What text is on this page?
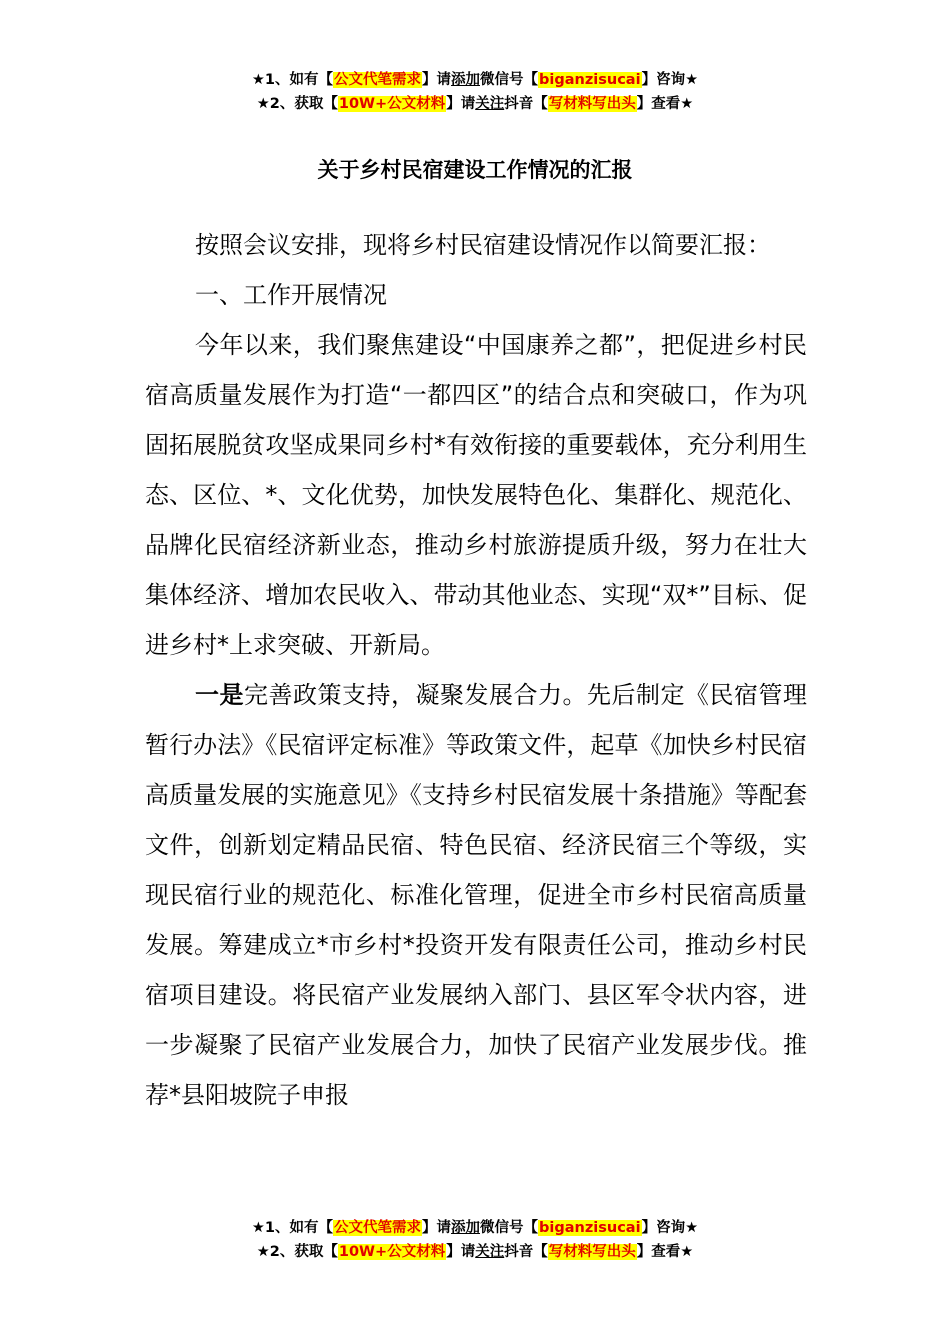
★1、如有【公文代笔需求】请添加微信号【biganzisucai】咨询★
★2、获取【10W+公文材料】请关注抖音【写材料写出头】查看★
关于乡村民宿建设工作情况的汇报

按照会议安排，现将乡村民宿建设情况作以简要汇报：

一、工作开展情况

今年以来，我们聚焦建设“中国康养之都”，把促进乡村民宿高质量发展作为打造“一都四区”的结合点和突破口，作为巩固拓展脱贫攻坚成果同乡村*有效衔接的重要载体，充分利用生态、区位、*、文化优势，加快发展特色化、集群化、规范化、品牌化民宿经济新业态，推动乡村旅游提质升级，努力在壮大集体经济、增加农民收入、带动其他业态、实现“双*”目标、促进乡村*上求突破、开新局。

一是完善政策支持，凝聚发展合力。先后制定《民宿管理暂行办法》《民宿评定标准》等政策文件，起草《加快乡村民宿高质量发展的实施意见》《支持乡村民宿发展十条措施》等配套文件，创新划定精品民宿、特色民宿、经济民宿三个等级，实现民宿行业的规范化、标准化管理，促进全市乡村民宿高质量发展。筹建成立*市乡村*投资开发有限责任公司，推动乡村民宿项目建设。将民宿产业发展纳入部门、县区军令状内容，进一步凝聚了民宿产业发展合力，加快了民宿产业发展步伐。推荐*县阳坡院子申报

★1、如有【公文代笔需求】请添加微信号【biganzisucai】咨询★
★2、获取【10W+公文材料】请关注抖音【写材料写出头】查看★
